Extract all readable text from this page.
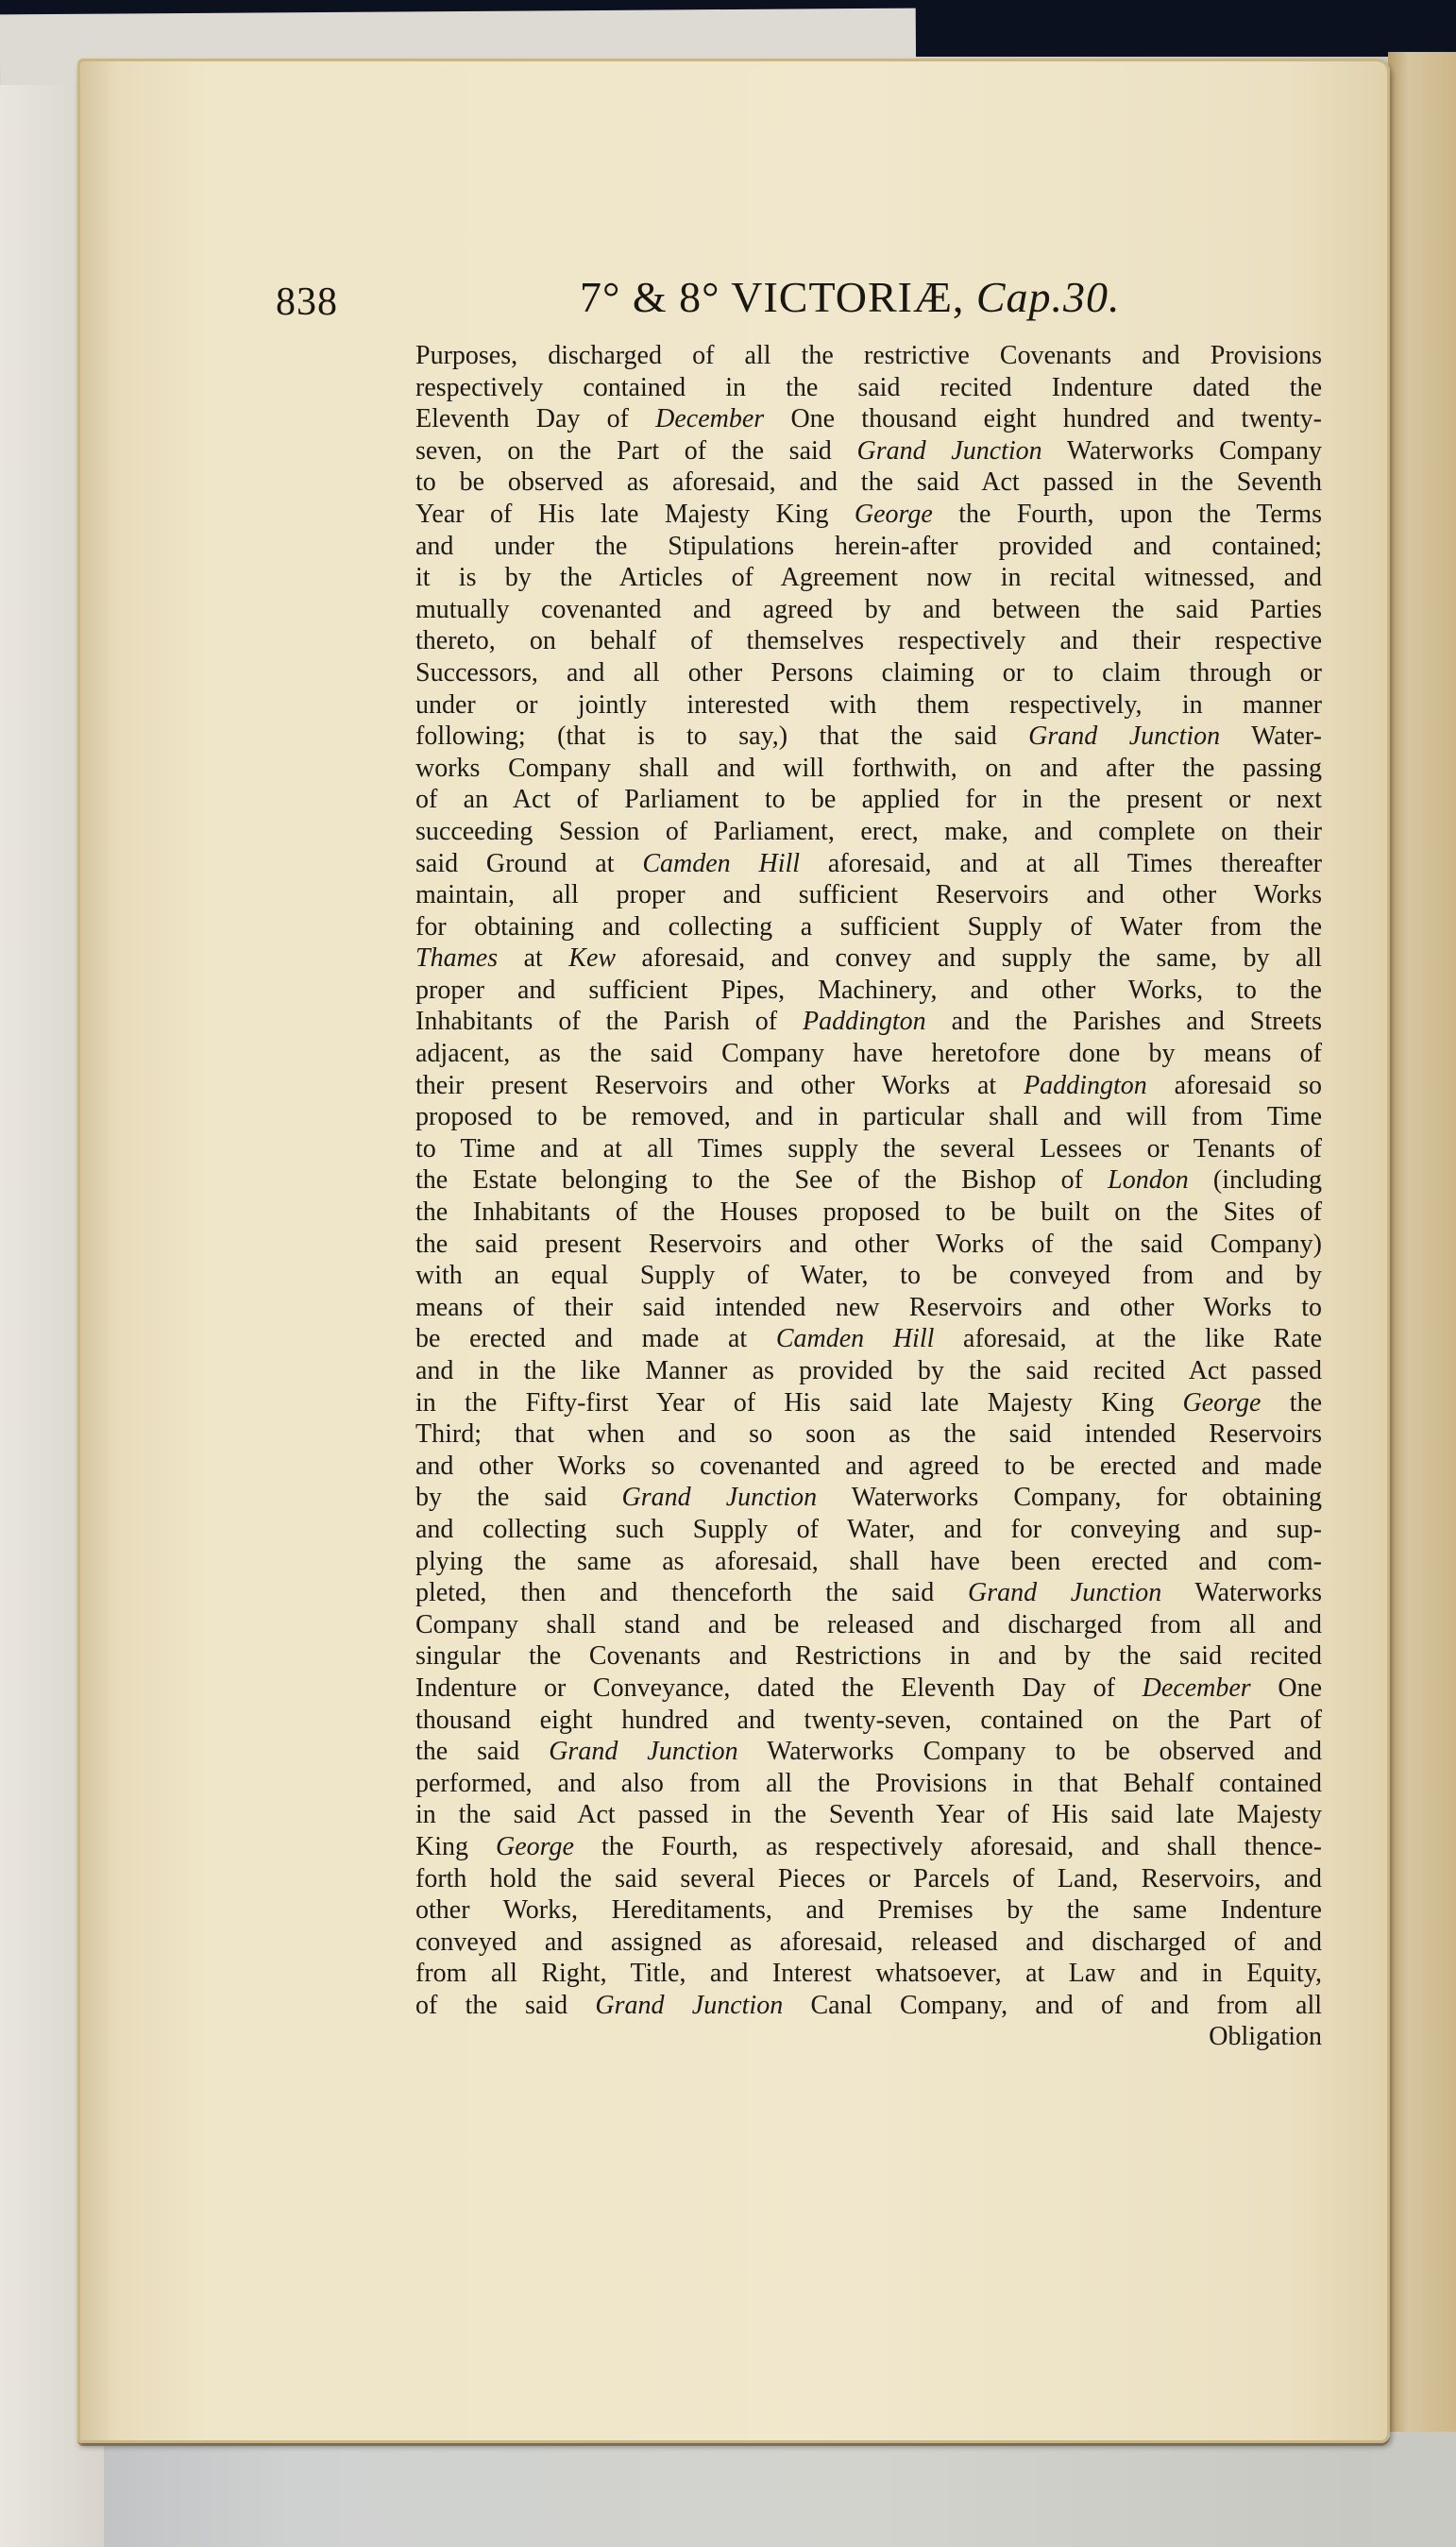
838	7° & 8° VICTORIÆ, Cap.30.
Purposes, discharged of all the restrictive Covenants and Provisions
respectively contained in the said recited Indenture dated the
Eleventh Day of December One thousand eight hundred and twenty-
seven, on the Part of the said Grand Junction Waterworks Company
to be observed as aforesaid, and the said Act passed in the Seventh
Year of His late Majesty King George the Fourth, upon the Terms
and under the Stipulations herein-after provided and contained;
it is by the Articles of Agreement now in recital witnessed, and
mutually covenanted and agreed by and between the said Parties
thereto, on behalf of themselves respectively and their respective
Successors, and all other Persons claiming or to claim through or
under or jointly interested with them respectively, in manner
following; (that is to say,) that the said Grand Junction Water-
works Company shall and will forthwith, on and after the passing
of an Act of Parliament to be applied for in the present or next
succeeding Session of Parliament, erect, make, and complete on their
said Ground at Camden Hill aforesaid, and at all Times thereafter
maintain, all proper and sufficient Reservoirs and other Works
for obtaining and collecting a sufficient Supply of Water from the
Thames at Kew aforesaid, and convey and supply the same, by all
proper and sufficient Pipes, Machinery, and other Works, to the
Inhabitants of the Parish of Paddington and the Parishes and Streets
adjacent, as the said Company have heretofore done by means of
their present Reservoirs and other Works at Paddington aforesaid so
proposed to be removed, and in particular shall and will from Time
to Time and at all Times supply the several Lessees or Tenants of
the Estate belonging to the See of the Bishop of London (including
the Inhabitants of the Houses proposed to be built on the Sites of
the said present Reservoirs and other Works of the said Company)
with an equal Supply of Water, to be conveyed from and by
means of their said intended new Reservoirs and other Works to
be erected and made at Camden Hill aforesaid, at the like Rate
and in the like Manner as provided by the said recited Act passed
in the Fifty-first Year of His said late Majesty King George the
Third; that when and so soon as the said intended Reservoirs
and other Works so covenanted and agreed to be erected and made
by the said Grand Junction Waterworks Company, for obtaining
and collecting such Supply of Water, and for conveying and sup-
plying the same as aforesaid, shall have been erected and com-
pleted, then and thenceforth the said Grand Junction Waterworks
Company shall stand and be released and discharged from all and
singular the Covenants and Restrictions in and by the said recited
Indenture or Conveyance, dated the Eleventh Day of December One
thousand eight hundred and twenty-seven, contained on the Part of
the said Grand Junction Waterworks Company to be observed and
performed, and also from all the Provisions in that Behalf contained
in the said Act passed in the Seventh Year of His said late Majesty
King George the Fourth, as respectively aforesaid, and shall thence-
forth hold the said several Pieces or Parcels of Land, Reservoirs, and
other Works, Hereditaments, and Premises by the same Indenture
conveyed and assigned as aforesaid, released and discharged of and
from all Right, Title, and Interest whatsoever, at Law and in Equity,
of the said Grand Junction Canal Company, and of and from all
Obligation
